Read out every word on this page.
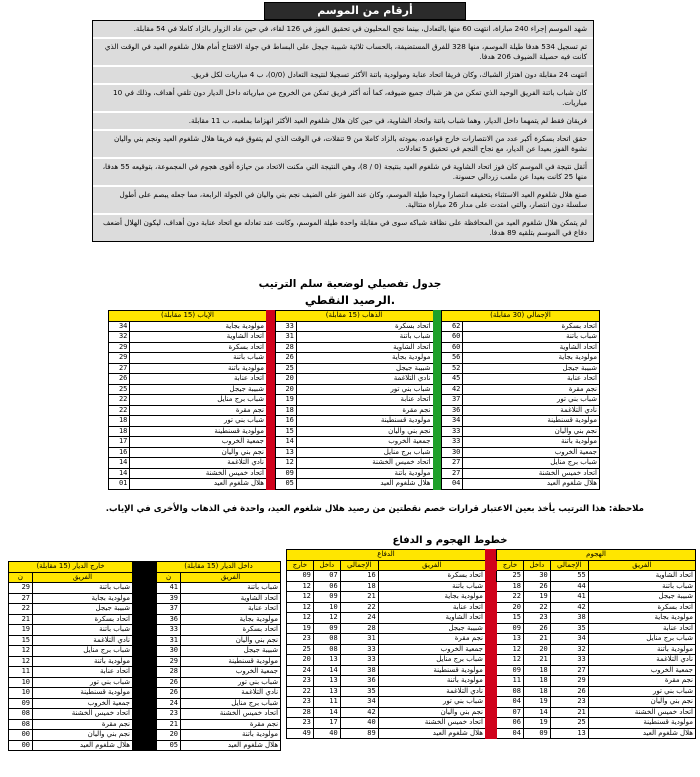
أرقام من الموسم
شهد الموسم إجراء 240 مباراة، انتهت 60 منها بالتعادل، بينما نجح المحليون في تحقيق الفوز في 126 لقاء، في حين عاد الزوار بالزاد كاملا في 54 مقابلة.
تم تسجيل 534 هدفا طيلة الموسم، منها 328 للفرق المستضيفة، بالحساب ثلاثية شبيبة جيجل على البساط في جولة الافتتاح أمام هلال شلغوم العيد في الوقت الذي كانت فيه حصيلة الضيوف 206 هدفا.
انتهت 24 مقابلة دون اهتزاز الشباك، وكان فريقا اتحاد عنابة ومولودية باتنة الأكثر تسجيلا لنتيجة التعادل (0/0)، ب 4 مباريات لكل فريق.
كان شباب باتنة الفريق الوحيد الذي تمكن من هز شباك جميع ضيوفه، كما أنه أكثر فريق تمكن من الخروج من مبارياته داخل الديار دون تلقي أهداف، وذلك في 10 مباريات.
فريقان فقط لم يتمهما داخل الديار، وهما شباب باتنة واتحاد الشاوية، في حين كان هلال شلغوم العيد الأكثر انهزاما بملعبه، ب 11 مقابلة.
حقق اتحاد بسكرة أكبر عدد من الانتصارات خارج قواعده، بعودته بالزاد كاملا من 9 تنقلات، في الوقت الذي لم يتفوق فيه فريقا هلال شلغوم العيد ونجم بني واليان نشوة الفوز بعيدا عن الديار، مع نجاح النجم في تحقيق 5 تعادلات.
أثقل نتيجة في الموسم كان فوز اتحاد الشاوية في شلغوم العيد بنتيجة (0 / 8)، وهي النتيجة التي مكنت الاتحاد من حيازة أقوى هجوم في المجموعة، بتوقيعه 55 هدفا، منها 25 كانت بعيدا عن ملعب زردالي حسونة.
صنع هلال شلغوم العيد الاستثناء بتحقيقه انتصارا وحيدا طيلة الموسم، وكان عند الفوز على الضيف نجم بني واليان في الجولة الرابعة، مما جعله يبصم على أطول سلسلة دون انتصار، والتي امتدت على مدار 26 مباراة متتالية.
لم يتمكن هلال شلغوم العيد من المحافظة على نظافة شباكه سوى في مقابلة واحدة طيلة الموسم، وكانت عند تعادله مع اتحاد عنابة دون أهداف، ليكون الهلال أضعف دفاع في الموسم بتلقيه 89 هدفا.
جدول تفصيلي لوضعية سلم الترتيب
.الرصيد النقطي
الإجمالي (30 مقابلة)			الذهاب (15 مقابلة)			الإياب (15 مقابلة)	
اتحاد بسكرة	62		اتحاد بسكرة	33		مولودية بجاية	34
شباب باتنة	60		شباب باتنة	31		اتحاد الشاوية	32
اتحاد الشاوية	60		اتحاد الشاوية	28		اتحاد بسكرة	29
مولودية بجاية	56		مولودية بجاية	26		شباب باتنة	29
شبيبة جيجل	52		شبيبة جيجل	25		مولودية باتنة	27
اتحاد عنابة	45		نادي التلاغمة	20		اتحاد عنابة	26
نجم مقرة	42		شباب بني تور	20		شبيبة جيجل	25
شباب بني تور	37		اتحاد عنابة	19		شباب برج منايل	22
نادي التلاغمة	36		نجم مقرة	18		نجم مقرة	22
مولودية قسنطينة	34		مولودية قسنطينة	16		شباب بني تور	18
نجم بني واليان	33		نجم بني واليان	15		مولودية قسنطينة	18
مولودية باتنة	33		جمعية الخروب	14		جمعية الخروب	17
جمعية الخروب	30		شباب برج منايل	13		نجم بني واليان	16
شباب برج منايل	27		اتحاد خميس الخشنة	12		نادي التلاغمة	14
اتحاد خميس الخشنة	27		مولودية باتنة	09		اتحاد خميس الخشنة	14
هلال شلغوم العيد	04		هلال شلغوم العيد	05		هلال شلغوم العيد	01
ملاحظة: هذا الترتيب يأخذ بعين الاعتبار قرارات خصم نقطتين من رصيد هلال شلغوم العيد، واحدة في الذهاب والأخرى في الإياب.
خطوط الهجوم و الدفاع
الهجوم					الدفاع			
الفريق	الإجمالي	داخل	خارج		الفريق	الإجمالي	داخل	خارج
اتحاد الشاوية	55	30	25		اتحاد بسكرة	16	07	09
شباب باتنة	44	26	18		شباب باتنة	18	06	12
شبيبة جيجل	41	19	22		مولودية بجاية	21	09	12
اتحاد بسكرة	42	22	20		اتحاد عنابة	22	10	12
مولودية بجاية	38	23	15		اتحاد الشاوية	24	12	12
اتحاد عنابة	35	26	09		شبيبة جيجل	28	09	19
شباب برج منايل	34	21	13		نجم مقرة	31	08	23
مولودية باتنة	32	20	12		جمعية الخروب	33	08	25
نادي التلاغمة	33	21	12		شباب برج منايل	33	13	20
جمعية الخروب	27	18	09		مولودية قسنطينة	38	14	24
نجم مقرة	29	18	11		مولودية باتنة	36	13	23
شباب بني تور	26	18	08		نادي التلاغمة	35	13	22
نجم بني واليان	23	19	04		شباب بني تور	34	11	23
اتحاد خميس الخشنة	21	14	07		نجم بني واليان	42	14	28
مولودية قسنطينة	25	19	06		اتحاد خميس الخشنة	40	17	23
هلال شلغوم العيد	13	09	04		هلال شلغوم العيد	89	40	49
داخل الديار (15 مقابلة)			خارج الديار (15 مقابلة)	
الفريق	ن		الفريق	ن
شباب باتنة	41		شباب باتنة	29
اتحاد الشاوية	39		مولودية بجاية	27
اتحاد عنابة	37		شبيبة جيجل	22
مولودية بجاية	36		اتحاد بسكرة	21
اتحاد بسكرة	33		شباب باتنة	19
نجم بني واليان	31		نادي التلاغمة	15
شبيبة جيجل	30		شباب برج منايل	12
مولودية قسنطينة	29		مولودية باتنة	12
جمعية الخروب	28		اتحاد عنابة	11
شباب بني تور	26		شباب بني تور	10
نادي التلاغمة	26		مولودية قسنطينة	10
شباب برج منايل	24		جمعية الخروب	09
اتحاد خميس الخشنة	23		اتحاد خميس الخشنة	08
نجم مقرة	21		نجم مقرة	08
مولودية باتنة	20		نجم بني واليان	00
هلال شلغوم العيد	05		هلال شلغوم العيد	00
